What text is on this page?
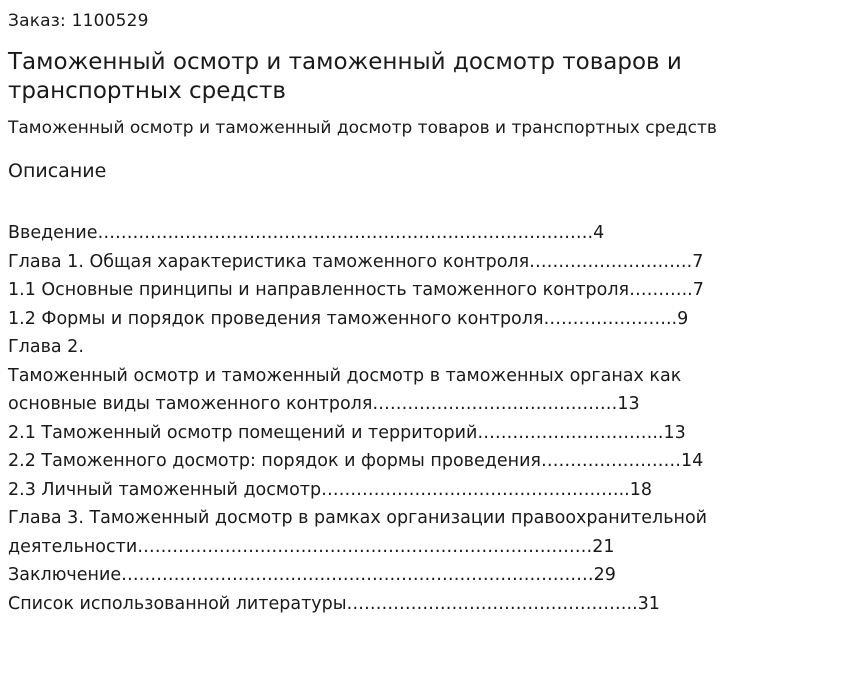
Заказ: 1100529
Таможенный осмотр и таможенный досмотр товаров и транспортных средств
Таможенный осмотр и таможенный досмотр товаров и транспортных средств
Описание
Введение………………………………………………………………………….4
Глава 1. Общая характеристика таможенного контроля……………………….7
1.1 Основные принципы и направленность таможенного контроля………..7
1.2 Формы и порядок проведения таможенного контроля…………………..9
Глава 2.
Таможенный осмотр и таможенный досмотр в таможенных органах как
основные виды таможенного контроля……………………………………13
2.1 Таможенный осмотр помещений и территорий…………………………..13
2.2 Таможенного досмотр: порядок и формы проведения……………………14
2.3 Личный таможенный досмотр……………………………………………..18
Глава 3. Таможенный досмотр в рамках организации правоохранительной
деятельности……………………………………………………………………21
Заключение………………………………………………………………………29
Список использованной литературы…………………………………………..31
